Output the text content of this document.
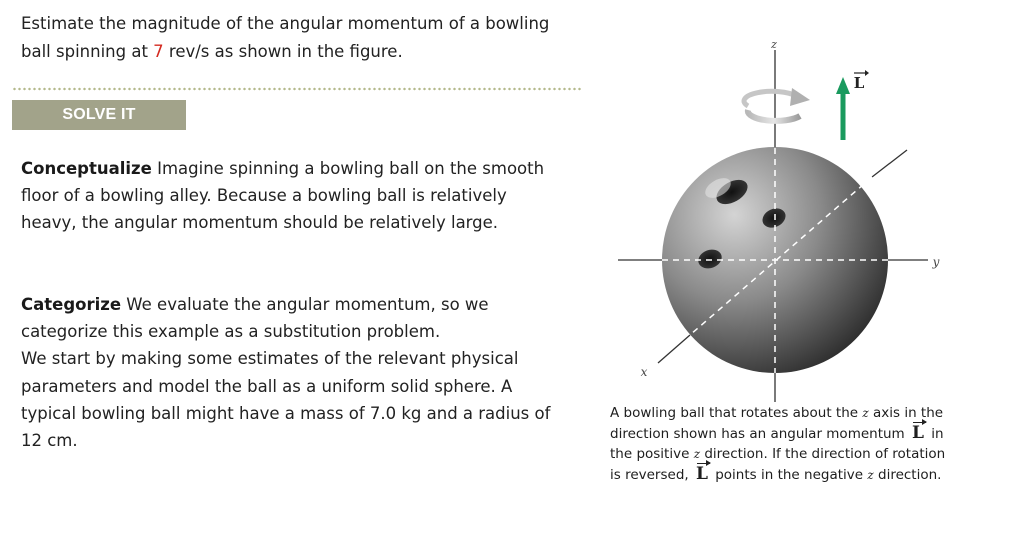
Estimate the magnitude of the angular momentum of a bowling ball spinning at 7 rev/s as shown in the figure.

SOLVE IT

Conceptualize Imagine spinning a bowling ball on the smooth floor of a bowling alley. Because a bowling ball is relatively heavy, the angular momentum should be relatively large.

Categorize We evaluate the angular momentum, so we categorize this example as a substitution problem.
We start by making some estimates of the relevant physical parameters and model the ball as a uniform solid sphere. A typical bowling ball might have a mass of 7.0 kg and a radius of 12 cm.

z
L
y
x

A bowling ball that rotates about the z axis in the direction shown has an angular momentum L in the positive z direction. If the direction of rotation is reversed, L points in the negative z direction.
